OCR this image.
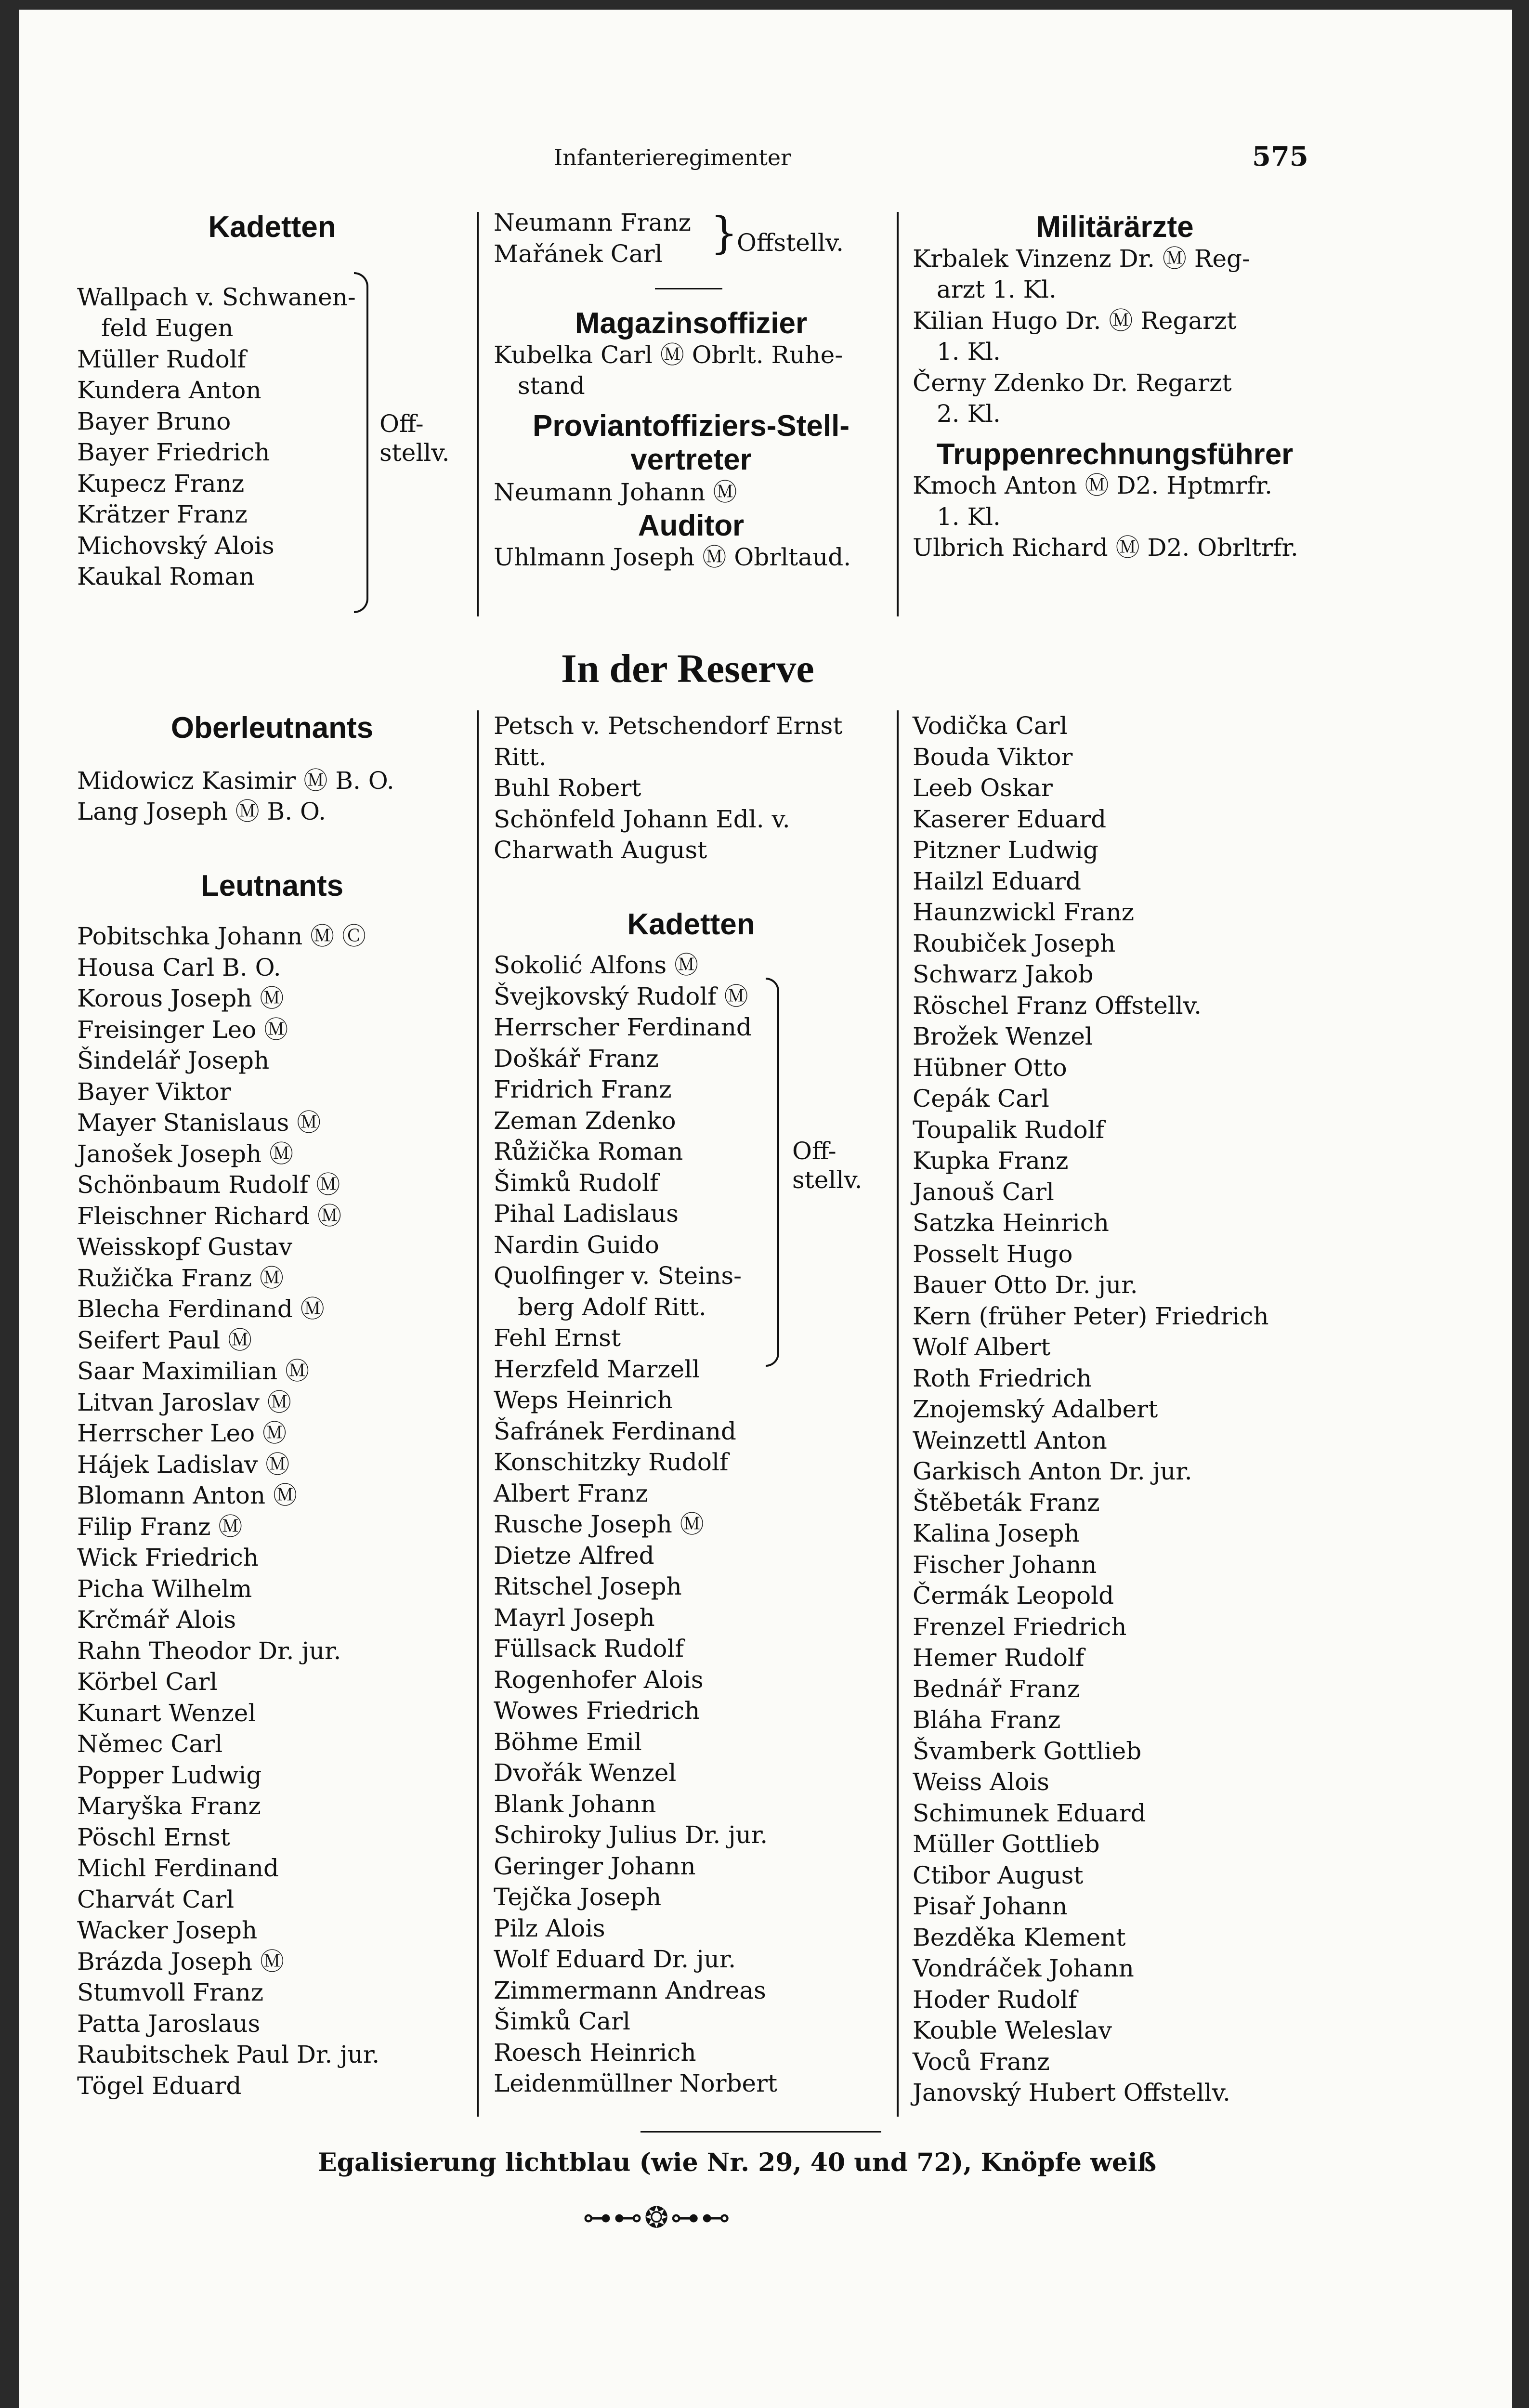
Infanterieregimenter	575
Kadetten
Wallpach v. Schwanen-
feld Eugen
Müller Rudolf
Kundera Anton
Bayer Bruno
Bayer Friedrich
Kupecz Franz
Krätzer Franz
Michovský Alois
Kaukal Roman
Off-
stellv.
Oberleutnants
Midowicz Kasimir Ⓜ B. O.
Lang Joseph Ⓜ B. O.
Leutnants
Pobitschka Johann Ⓜ Ⓒ
Housa Carl B. O.
Korous Joseph Ⓜ
Freisinger Leo Ⓜ
Šindelář Joseph
Bayer Viktor
Mayer Stanislaus Ⓜ
Janošek Joseph Ⓜ
Schönbaum Rudolf Ⓜ
Fleischner Richard Ⓜ
Weisskopf Gustav
Ružička Franz Ⓜ
Blecha Ferdinand Ⓜ
Seifert Paul Ⓜ
Saar Maximilian Ⓜ
Litvan Jaroslav Ⓜ
Herrscher Leo Ⓜ
Hájek Ladislav Ⓜ
Blomann Anton Ⓜ
Filip Franz Ⓜ
Wick Friedrich
Picha Wilhelm
Krčmář Alois
Rahn Theodor Dr. jur.
Körbel Carl
Kunart Wenzel
Němec Carl
Popper Ludwig
Maryška Franz
Pöschl Ernst
Michl Ferdinand
Charvát Carl
Wacker Joseph
Brázda Joseph Ⓜ
Stumvoll Franz
Patta Jaroslaus
Raubitschek Paul Dr. jur.
Tögel Eduard
Neumann Franz
Mařánek Carl	}
Offstellv.
Magazinsoffizier
Kubelka Carl Ⓜ Obrlt. Ruhe-
stand
Proviantoffiziers-Stell-
vertreter
Neumann Johann Ⓜ
Auditor
Uhlmann Joseph Ⓜ Obrltaud.
Militärärzte
Krbalek Vinzenz Dr. Ⓜ Reg-
arzt 1. Kl.
Kilian Hugo Dr. Ⓜ Regarzt
1. Kl.
Černy Zdenko Dr. Regarzt
2. Kl.
Truppenrechnungsführer
Kmoch Anton Ⓜ D2. Hptmrfr.
1. Kl.
Ulbrich Richard Ⓜ D2. Obrltrfr.
In der Reserve
Petsch v. Petschendorf Ernst
Ritt.
Buhl Robert
Schönfeld Johann Edl. v.
Charwath August
Kadetten
Sokolić Alfons Ⓜ
Švejkovský Rudolf Ⓜ
Herrscher Ferdinand
Doškář Franz
Fridrich Franz
Zeman Zdenko
Růžička Roman
Šimků Rudolf
Pihal Ladislaus
Nardin Guido
Quolfinger v. Steins-
berg Adolf Ritt.
Fehl Ernst
Herzfeld Marzell
Weps Heinrich
Šafránek Ferdinand
Konschitzky Rudolf
Albert Franz
Rusche Joseph Ⓜ
Dietze Alfred
Ritschel Joseph
Mayrl Joseph
Füllsack Rudolf
Rogenhofer Alois
Wowes Friedrich
Böhme Emil
Dvořák Wenzel
Blank Johann
Schiroky Julius Dr. jur.
Geringer Johann
Tejčka Joseph
Pilz Alois
Wolf Eduard Dr. jur.
Zimmermann Andreas
Šimků Carl
Roesch Heinrich
Leidenmüllner Norbert
Off-
stellv.
Vodička Carl
Bouda Viktor
Leeb Oskar
Kaserer Eduard
Pitzner Ludwig
Hailzl Eduard
Haunzwickl Franz
Roubiček Joseph
Schwarz Jakob
Röschel Franz Offstellv.
Brožek Wenzel
Hübner Otto
Cepák Carl
Toupalik Rudolf
Kupka Franz
Janouš Carl
Satzka Heinrich
Posselt Hugo
Bauer Otto Dr. jur.
Kern (früher Peter) Friedrich
Wolf Albert
Roth Friedrich
Znojemský Adalbert
Weinzettl Anton
Garkisch Anton Dr. jur.
Štěbeták Franz
Kalina Joseph
Fischer Johann
Čermák Leopold
Frenzel Friedrich
Hemer Rudolf
Bednář Franz
Bláha Franz
Švamberk Gottlieb
Weiss Alois
Schimunek Eduard
Müller Gottlieb
Ctibor August
Pisař Johann
Bezděka Klement
Vondráček Johann
Hoder Rudolf
Kouble Weleslav
Voců Franz
Janovský Hubert Offstellv.
Egalisierung lichtblau (wie Nr. 29, 40 und 72), Knöpfe weiß
⊶⊷❂⊶⊷
